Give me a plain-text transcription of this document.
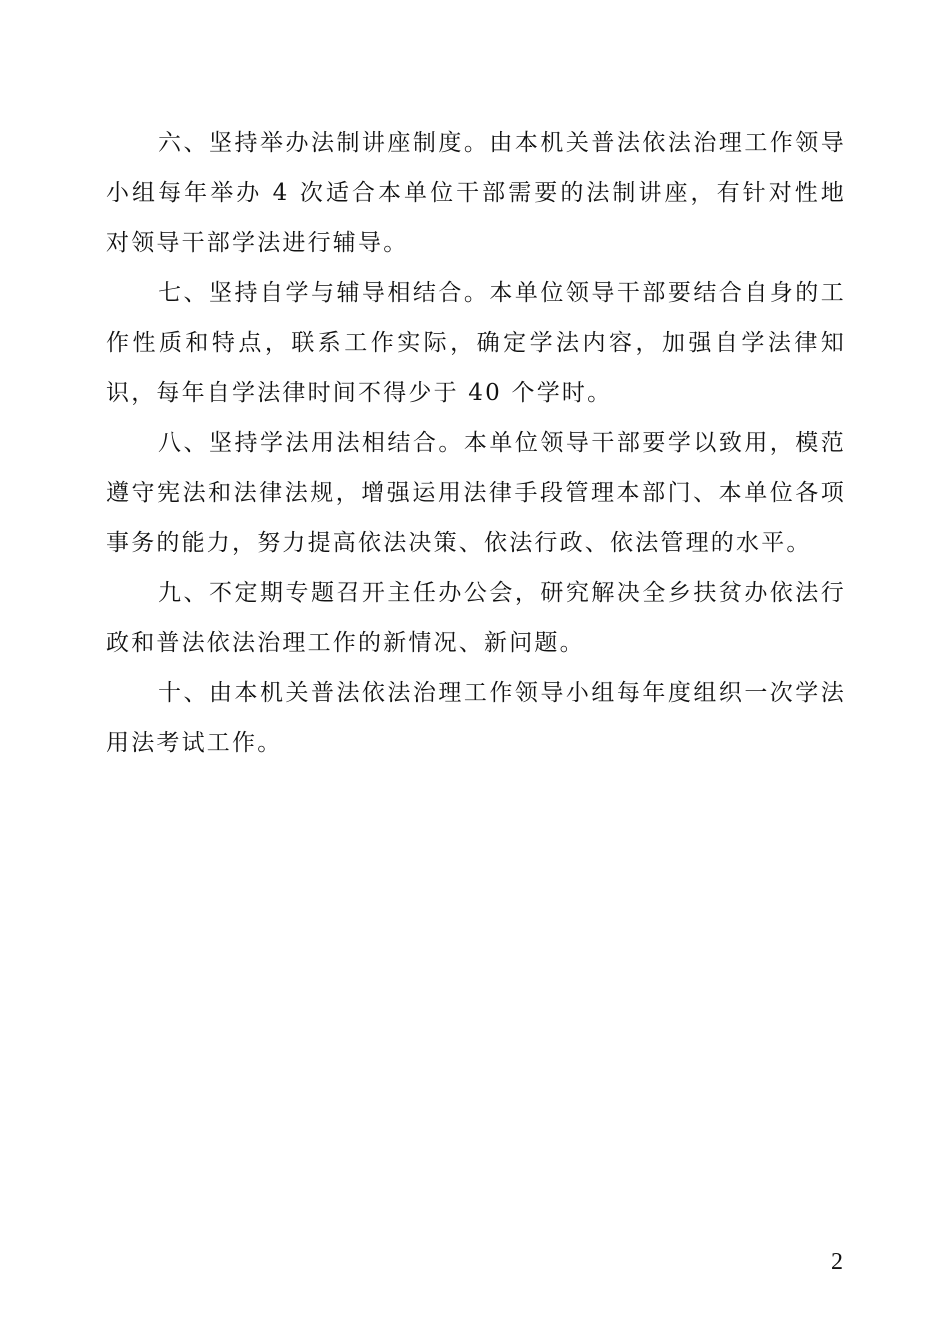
六、坚持举办法制讲座制度。由本机关普法依法治理工作领导小组每年举办 4 次适合本单位干部需要的法制讲座，有针对性地对领导干部学法进行辅导。

七、坚持自学与辅导相结合。本单位领导干部要结合自身的工作性质和特点，联系工作实际，确定学法内容，加强自学法律知识，每年自学法律时间不得少于 40 个学时。

八、坚持学法用法相结合。本单位领导干部要学以致用，模范遵守宪法和法律法规，增强运用法律手段管理本部门、本单位各项事务的能力，努力提高依法决策、依法行政、依法管理的水平。

九、不定期专题召开主任办公会，研究解决全乡扶贫办依法行政和普法依法治理工作的新情况、新问题。

十、由本机关普法依法治理工作领导小组每年度组织一次学法用法考试工作。

2
